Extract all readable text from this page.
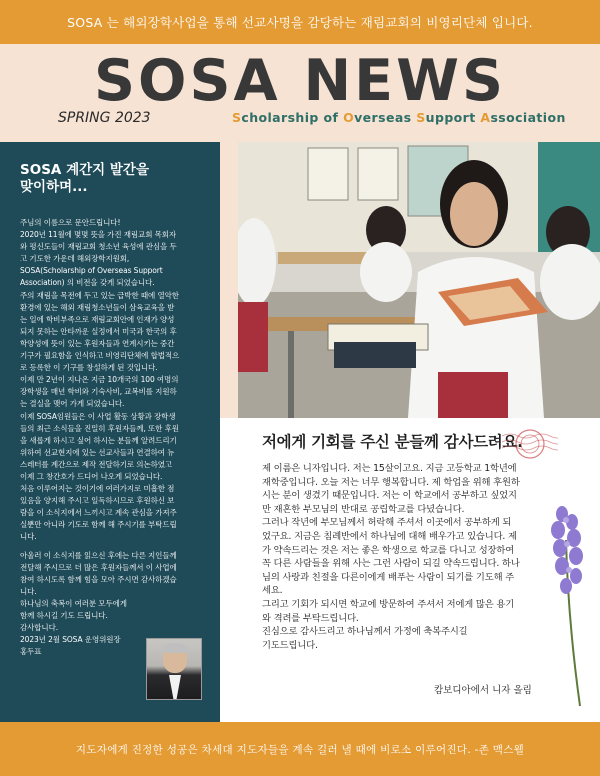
SOSA 는 해외장학사업을 통해 선교사명을 감당하는 재림교회의 비영리단체 입니다.
SOSA NEWS
SPRING 2023	Scholarship of Overseas Support Association
SOSA 계간지 발간을
맞이하며...

주님의 이름으로 문안드립니다!

2020년 11월에 몇몇 뜻을 가진 재림교회 목회자

와 평신도들이 재림교회 청소년 육성에 관심을 두

고 기도한 가운데 해외장학지원회,

SOSA(Scholarship of Overseas Support

Association) 의 비전을 갖게 되었습니다.

주의 재림을 목전에 두고 있는 급박한 때에 열악한

환경에 있는 해외 재림청소년들이 삼육교육을 받

는 일에 학비부족으로 재림교회안에 인재가 양성

되지 못하는 안타까운 실정에서 미국과 한국의 후

학양성에 뜻이 있는 후원자들과 연계시키는 중간

기구가 필요함을 인식하고 비영리단체에 합법적으

로 등록한 이 기구를 창설하게 된 것입니다.

이제 만 2년이 지나온 지금 10개국의 100 여명의

장학생을 매년 학비와 기숙사비, 교복비를 지원하

는 결실을 맺어 가게 되었습니다.

이제 SOSA임원들은 이 사업 활동 상황과 장학생

들의 최근 소식들을 진밀히 후원자들께, 또한 후원

을 새롭게 하시고 싶어 하시는 분들께 알려드리기

위하여 선교현지에 있는 선교사들과 연결하여 뉴

스레터를 계간으로 제작 전달하기로 의논하였고

이제 그 창간호가 드디어 나오게 되었습니다.

처음 이루어지는 것이기에 여러가지로 미흡한 점

있음을 양지해 주시고 일독하시므로 후원하신 보

람을 이 소식지에서 느끼시고 계속 관심을 가져주

실뿐만 아니라 기도로 함께 해 주시기를 부탁드립

니다.

아울러 이 소식지를 읽으신 후에는 다른 지인들께

전달해 주시므로 더 많은 후원자들께서 이 사업에

참여 하시도록 함께 힘을 모아 주시면 감사하겠습

니다.

하나님의 축복이 여러분 모두에게

함께 하시길 기도 드립니다.

감사합니다.

2023년 2월 SOSA 운영위원장

홍두표

저에게 기회를 주신 분들께 감사드려요.

제 이름은 니자입니다. 저는 15살이고요. 지금 고등학교 1학년에

재학중입니다. 오늘 저는 너무 행복합니다. 제 학업을 위해 후원하

시는 분이 생겼기 때문입니다. 저는 이 학교에서 공부하고 싶었지

만 재혼한 부모님의 반대로 공립학교를 다녔습니다.

그러나 작년에 부모님께서 허락해 주셔서 이곳에서 공부하게 되

었구요. 지금은 침례반에서 하나님에 대해 배우가고 있습니다. 제

가 약속드리는 것은 저는 좋은 학생으로 학교를 다니고 성장하여

꼭 다른 사람들을 위해 사는 그런 사람이 되길 약속드립니다. 하나

님의 사랑과 친절을 다른이에게 배푸는 사람이 되기를 기도해 주

세요.

그리고 기회가 되시면 학교에 방문하여 주셔서 저에게 많은 용기

와 격려를 부탁드립니다.

진심으로 감사드리고 하나님께서 가정에 축복주시길

기도드립니다.

캄보디아에서 니자 올림
지도자에게 진정한 성공은 차세대 지도자들을 계속 길러 낼 때에 비로소 이루어진다. -존 맥스웰
